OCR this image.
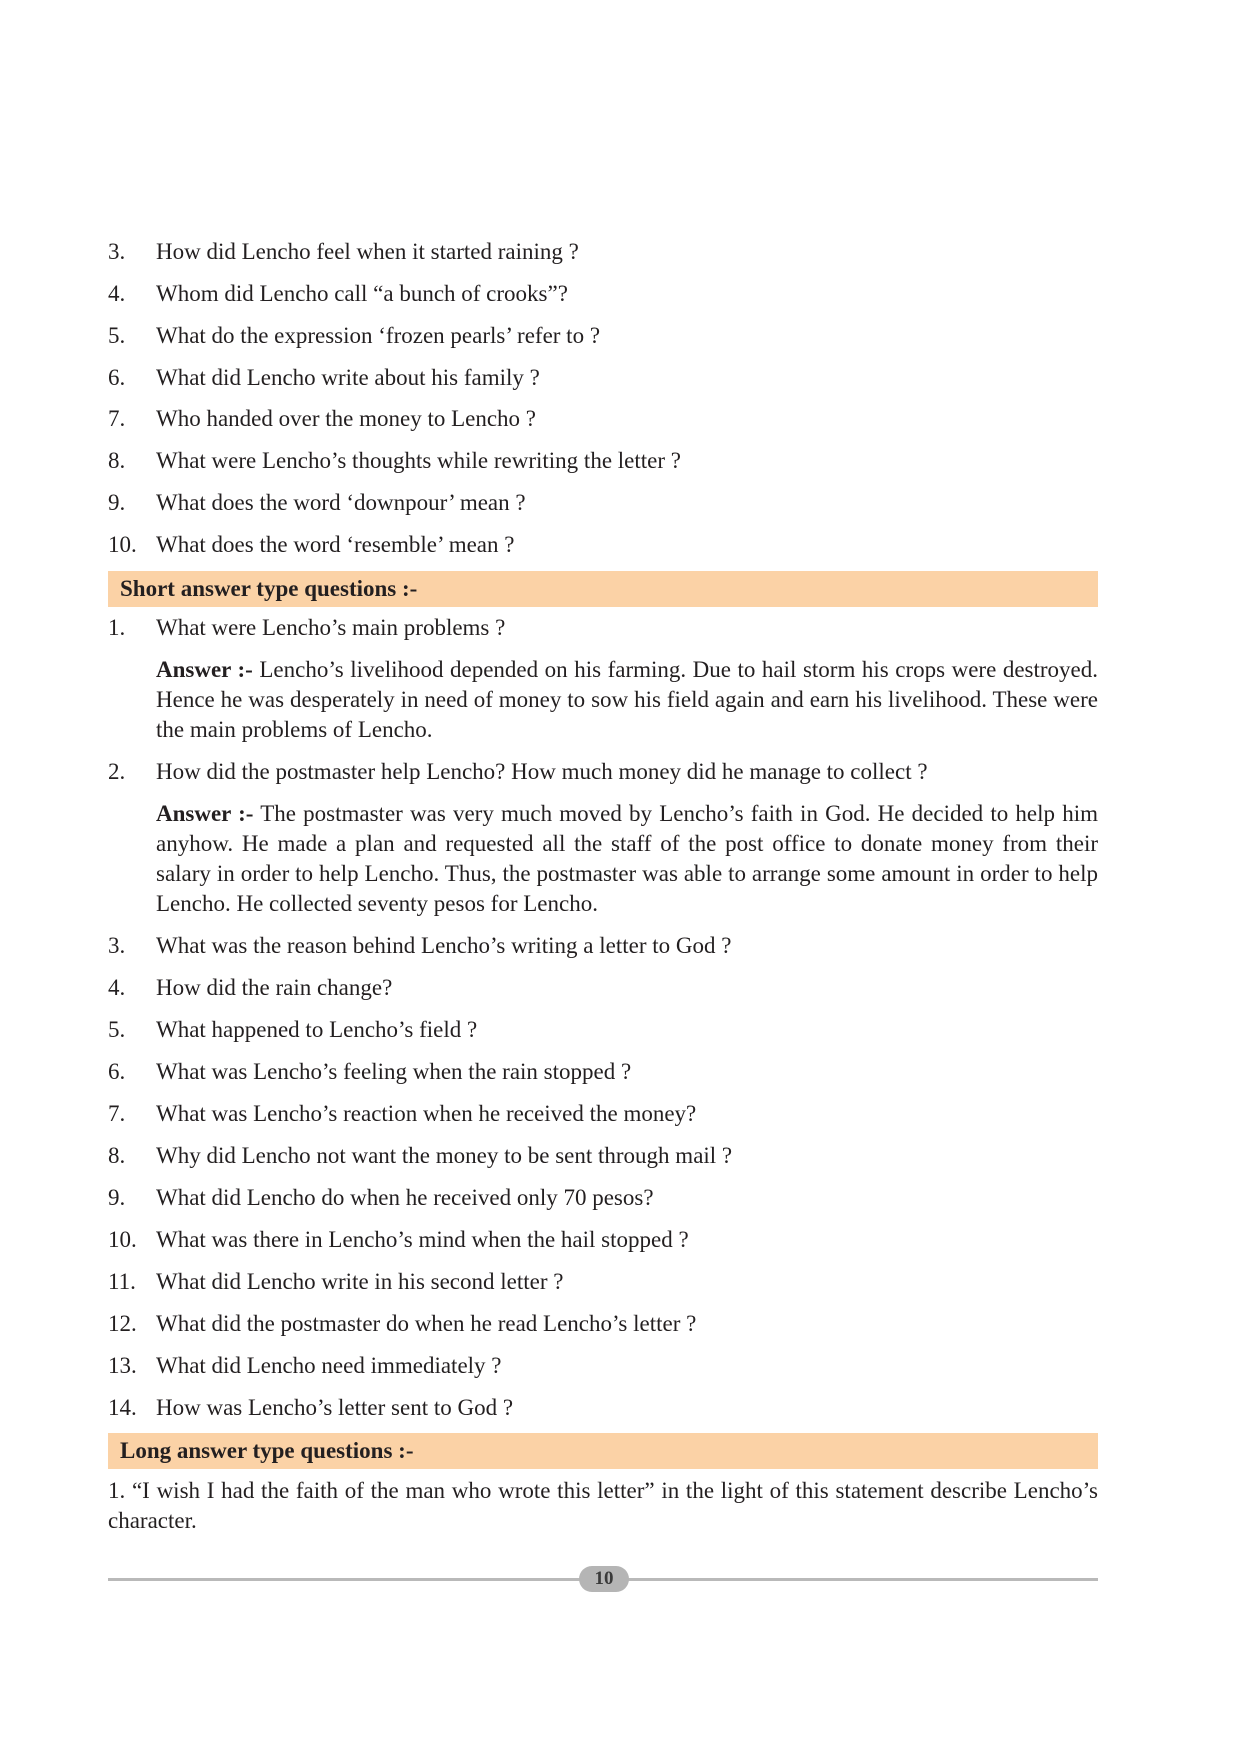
3. How did Lencho feel when it started raining ?
4. Whom did Lencho call “a bunch of crooks”?
5. What do the expression ‘frozen pearls’ refer to ?
6. What did Lencho write about his family ?
7. Who handed over the money to Lencho ?
8. What were Lencho’s thoughts while rewriting the letter ?
9. What does the word ‘downpour’ mean ?
10. What does the word ‘resemble’ mean ?
Short answer type questions :-
1. What were Lencho’s main problems ?
Answer :- Lencho’s livelihood depended on his farming. Due to hail storm his crops were destroyed. Hence he was desperately in need of money to sow his field again and earn his livelihood. These were the main problems of Lencho.
2. How did the postmaster help Lencho? How much money did he manage to collect ?
Answer :- The postmaster was very much moved by Lencho’s faith in God. He decided to help him anyhow. He made a plan and requested all the staff of the post office to donate money from their salary in order to help Lencho. Thus, the postmaster was able to arrange some amount in order to help Lencho. He collected seventy pesos for Lencho.
3. What was the reason behind Lencho’s writing a letter to God ?
4. How did the rain change?
5. What happened to Lencho’s field ?
6. What was Lencho’s feeling when the rain stopped ?
7. What was Lencho’s reaction when he received the money?
8. Why did Lencho not want the money to be sent through mail ?
9. What did Lencho do when he received only 70 pesos?
10. What was there in Lencho’s mind when the hail stopped ?
11. What did Lencho write in his second letter ?
12. What did the postmaster do when he read Lencho’s letter ?
13. What did Lencho need immediately ?
14. How was Lencho’s letter sent to God ?
Long answer type questions :-
1. “I wish I had the faith of the man who wrote this letter” in the light of this statement describe Lencho’s character.
10
